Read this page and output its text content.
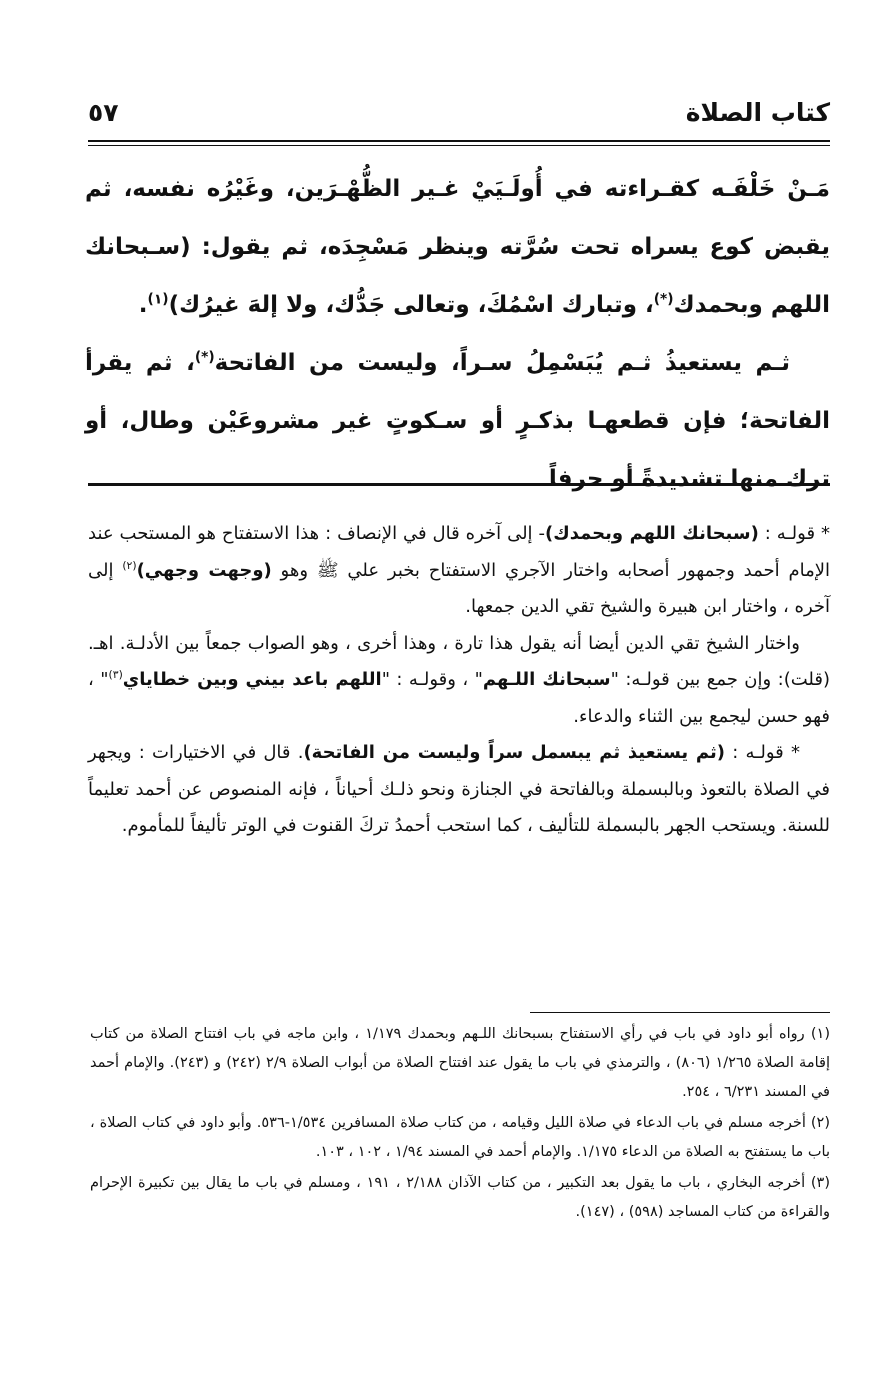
كتاب الصلاة
٥٧

مَـنْ خَلْفَـه كقـراءته في أُولَـيَيْ غـير الظُّهْـرَين، وغَيْرُه نفسه، ثم يقبض كوع يسراه تحت سُرَّته وينظر مَسْجِدَه، ثم يقول: (سـبحانك اللهم وبحمدك(*)، وتبارك اسْمُكَ، وتعالى جَدُّك، ولا إلهَ غيرُك)$^{(١)}$.

ثـم يستعيذُ ثـم يُبَسْمِلُ سـراً، وليست من الفاتحة(*)، ثم يقرأ الفاتحة؛ فإن قطعهـا بذكـرٍ أو سـكوتٍ غير مشروعَيْن وطال، أو ترك منها تشديدةً أو حرفاً

* قولـه : (سبحانك اللهم وبحمدك)- إلى آخره قال في الإنصاف : هذا الاستفتاح هو المستحب عند الإمام أحمد وجمهور أصحابه واختار الآجري الاستفتاح بخبر علي ﷺ وهو (وجهت وجهي)$^{(٢)}$ إلى آخره ، واختار ابن هبيرة والشيخ تقي الدين جمعها.

واختار الشيخ تقي الدين أيضا أنه يقول هذا تارة ، وهذا أخرى ، وهو الصواب جمعاً بين الأدلـة. اهـ. (قلت): وإن جمع بين قولـه: "سبحانك اللـهم" ، وقولـه : "اللهم باعد بيني وبين خطاياي$^{(٣)}$" ، فهو حسن ليجمع بين الثناء والدعاء.

* قولـه : (ثم يستعيذ ثم يبسمل سراً وليست من الفاتحة). قال في الاختيارات : ويجهر في الصلاة بالتعوذ وبالبسملة وبالفاتحة في الجنازة ونحو ذلـك أحياناً ، فإنه المنصوص عن أحمد تعليماً للسنة. ويستحب الجهر بالبسملة للتأليف ، كما استحب أحمدُ تركَ القنوت في الوتر تأليفاً للمأموم.

(١) رواه أبو داود في باب في رأي الاستفتاح بسبحانك اللـهم وبحمدك ١/١٧٩ ، وابن ماجه في باب افتتاح الصلاة من كتاب إقامة الصلاة ١/٢٦٥ (٨٠٦) ، والترمذي في باب ما يقول عند افتتاح الصلاة من أبواب الصلاة ٢/٩ (٢٤٢) و (٢٤٣). والإمام أحمد في المسند ٦/٢٣١ ، ٢٥٤.

(٢) أخرجه مسلم في باب الدعاء في صلاة الليل وقيامه ، من كتاب صلاة المسافرين ١/٥٣٤-٥٣٦. وأبو داود في كتاب الصلاة ، باب ما يستفتح به الصلاة من الدعاء ١/١٧٥. والإمام أحمد في المسند ١/٩٤ ، ١٠٢ ، ١٠٣.

(٣) أخرجه البخاري ، باب ما يقول بعد التكبير ، من كتاب الآذان ٢/١٨٨ ، ١٩١ ، ومسلم في باب ما يقال بين تكبيرة الإحرام والقراءة من كتاب المساجد (٥٩٨) ، (١٤٧).
